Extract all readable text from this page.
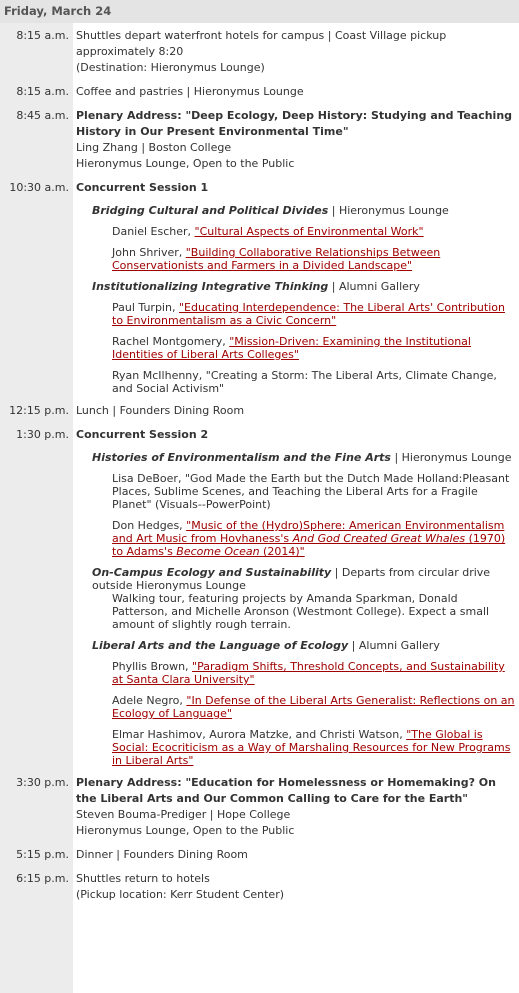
Friday, March 24
8:15 a.m. Shuttles depart waterfront hotels for campus | Coast Village pickup approximately 8:20
(Destination: Hieronymus Lounge)
8:15 a.m. Coffee and pastries | Hieronymus Lounge
8:45 a.m. Plenary Address: "Deep Ecology, Deep History: Studying and Teaching History in Our Present Environmental Time"
Ling Zhang | Boston College
Hieronymus Lounge, Open to the Public
10:30 a.m. Concurrent Session 1
Bridging Cultural and Political Divides | Hieronymus Lounge
Daniel Escher, "Cultural Aspects of Environmental Work"
John Shriver, "Building Collaborative Relationships Between Conservationists and Farmers in a Divided Landscape"
Institutionalizing Integrative Thinking | Alumni Gallery
Paul Turpin, "Educating Interdependence: The Liberal Arts' Contribution to Environmentalism as a Civic Concern"
Rachel Montgomery, "Mission-Driven: Examining the Institutional Identities of Liberal Arts Colleges"
Ryan McIlhenny, "Creating a Storm: The Liberal Arts, Climate Change, and Social Activism"
12:15 p.m. Lunch | Founders Dining Room
1:30 p.m. Concurrent Session 2
Histories of Environmentalism and the Fine Arts | Hieronymus Lounge
Lisa DeBoer, "God Made the Earth but the Dutch Made Holland:Pleasant Places, Sublime Scenes, and Teaching the Liberal Arts for a Fragile Planet" (Visuals--PowerPoint)
Don Hedges, "Music of the (Hydro)Sphere: American Environmentalism and Art Music from Hovhaness's And God Created Great Whales (1970) to Adams's Become Ocean (2014)"
On-Campus Ecology and Sustainability | Departs from circular drive outside Hieronymus Lounge
Walking tour, featuring projects by Amanda Sparkman, Donald Patterson, and Michelle Aronson (Westmont College). Expect a small amount of slightly rough terrain.
Liberal Arts and the Language of Ecology | Alumni Gallery
Phyllis Brown, "Paradigm Shifts, Threshold Concepts, and Sustainability at Santa Clara University"
Adele Negro, "In Defense of the Liberal Arts Generalist: Reflections on an Ecology of Language"
Elmar Hashimov, Aurora Matzke, and Christi Watson, "The Global is Social: Ecocriticism as a Way of Marshaling Resources for New Programs in Liberal Arts"
3:30 p.m. Plenary Address: "Education for Homelessness or Homemaking? On the Liberal Arts and Our Common Calling to Care for the Earth"
Steven Bouma-Prediger | Hope College
Hieronymus Lounge, Open to the Public
5:15 p.m. Dinner | Founders Dining Room
6:15 p.m. Shuttles return to hotels
(Pickup location: Kerr Student Center)
